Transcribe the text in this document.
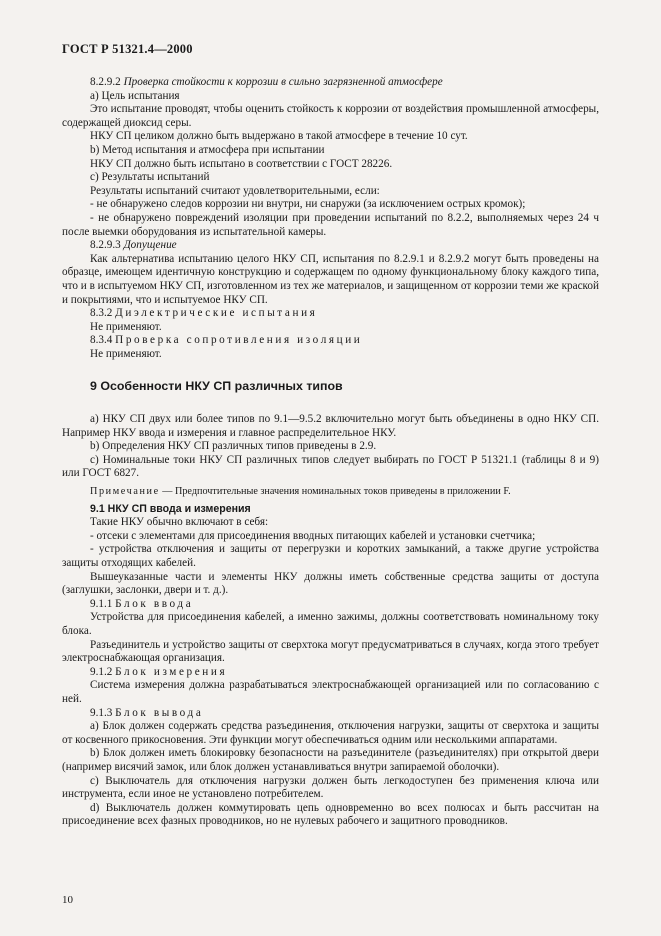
ГОСТ Р 51321.4—2000

8.2.9.2 Проверка стойкости к коррозии в сильно загрязненной атмосфере

а) Цель испытания

Это испытание проводят, чтобы оценить стойкость к коррозии от воздействия промышленной атмосферы, содержащей диоксид серы.

НКУ СП целиком должно быть выдержано в такой атмосфере в течение 10 сут.

b) Метод испытания и атмосфера при испытании

НКУ СП должно быть испытано в соответствии с ГОСТ 28226.

с) Результаты испытаний

Результаты испытаний считают удовлетворительными, если:

- не обнаружено следов коррозии ни внутри, ни снаружи (за исключением острых кромок);

- не обнаружено повреждений изоляции при проведении испытаний по 8.2.2, выполняемых через 24 ч после выемки оборудования из испытательной камеры.

8.2.9.3 Допущение

Как альтернатива испытанию целого НКУ СП, испытания по 8.2.9.1 и 8.2.9.2 могут быть проведены на образце, имеющем идентичную конструкцию и содержащем по одному функциональному блоку каждого типа, что и в испытуемом НКУ СП, изготовленном из тех же материалов, и защищенном от коррозии теми же краской и покрытиями, что и испытуемое НКУ СП.

8.3.2 Диэлектрические испытания

Не применяют.

8.3.4 Проверка сопротивления изоляции

Не применяют.

9 Особенности НКУ СП различных типов

а) НКУ СП двух или более типов по 9.1—9.5.2 включительно могут быть объединены в одно НКУ СП. Например НКУ ввода и измерения и главное распределительное НКУ.

b) Определения НКУ СП различных типов приведены в 2.9.

с) Номинальные токи НКУ СП различных типов следует выбирать по ГОСТ Р 51321.1 (таблицы 8 и 9) или ГОСТ 6827.

Примечание — Предпочтительные значения номинальных токов приведены в приложении F.

9.1 НКУ СП ввода и измерения

Такие НКУ обычно включают в себя:

- отсеки с элементами для присоединения вводных питающих кабелей и установки счетчика;

- устройства отключения и защиты от перегрузки и коротких замыканий, а также другие устройства защиты отходящих кабелей.

Вышеуказанные части и элементы НКУ должны иметь собственные средства защиты от доступа (заглушки, заслонки, двери и т. д.).

9.1.1 Блок ввода

Устройства для присоединения кабелей, а именно зажимы, должны соответствовать номинальному току блока.

Разъединитель и устройство защиты от сверхтока могут предусматриваться в случаях, когда этого требует электроснабжающая организация.

9.1.2 Блок измерения

Система измерения должна разрабатываться электроснабжающей организацией или по согласованию с ней.

9.1.3 Блок вывода

а) Блок должен содержать средства разъединения, отключения нагрузки, защиты от сверхтока и защиты от косвенного прикосновения. Эти функции могут обеспечиваться одним или несколькими аппаратами.

b) Блок должен иметь блокировку безопасности на разъединителе (разъединителях) при открытой двери (например висячий замок, или блок должен устанавливаться внутри запираемой оболочки).

с) Выключатель для отключения нагрузки должен быть легкодоступен без применения ключа или инструмента, если иное не установлено потребителем.

d) Выключатель должен коммутировать цепь одновременно во всех полюсах и быть рассчитан на присоединение всех фазных проводников, но не нулевых рабочего и защитного проводников.

10
